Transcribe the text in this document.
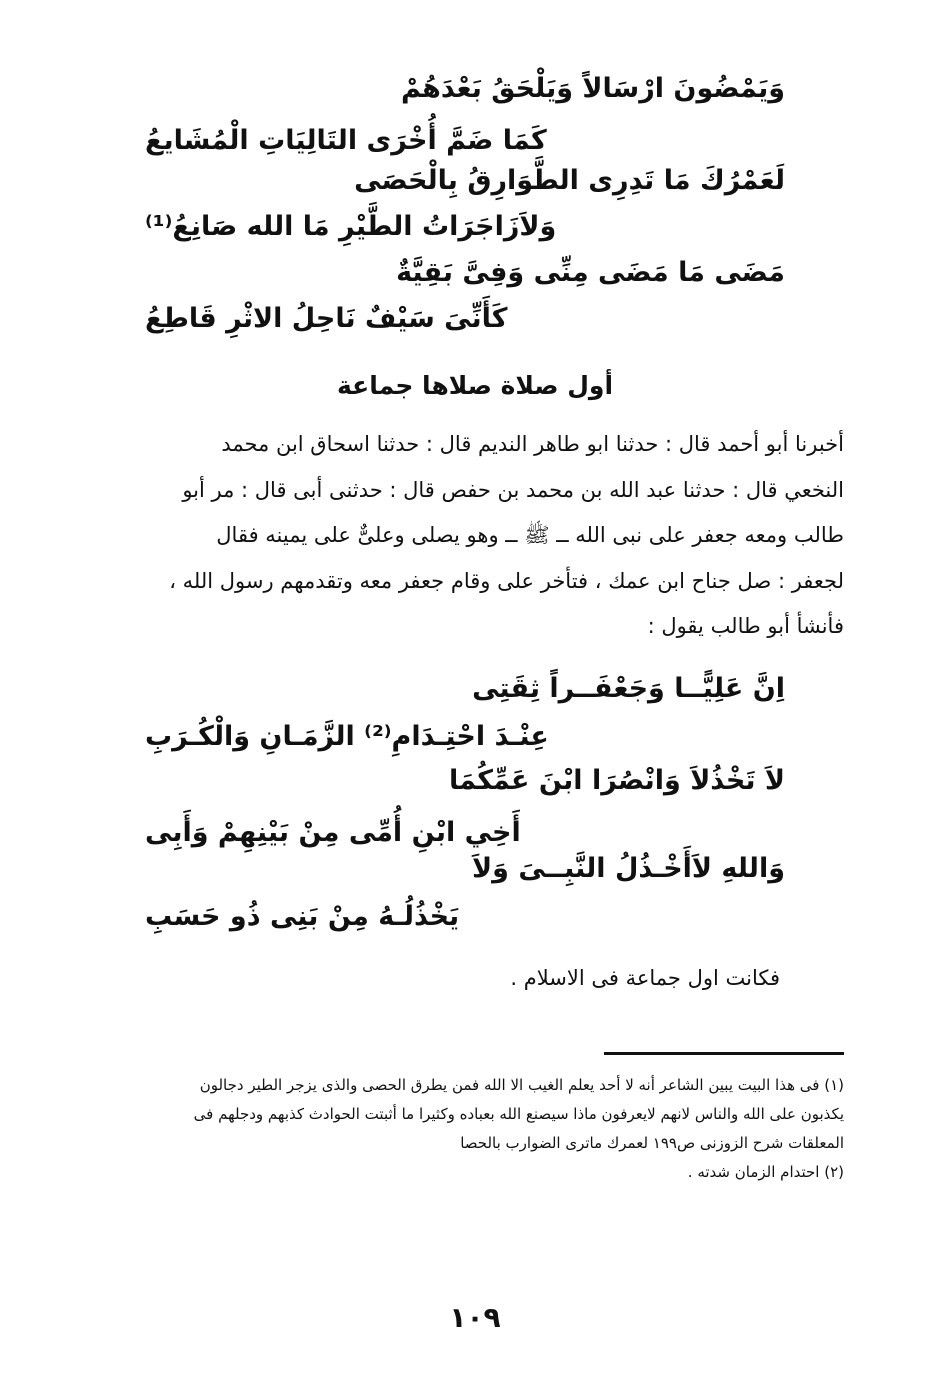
وَيَمْضُونَ ارْسَالاً وَيَلْحَقُ بَعْدَهُمْ
كَمَا ضَمَّ أُخْرَى التَالِيَاتِ الْمُشَايعُ
لَعَمْرُكَ مَا تَدِرِى الطَّوَارِقُ بِالْحَصَى
وَلاَزَاجَرَاتُ الطَّيْرِ مَا الله صَانِعُ⁽¹⁾
مَضَى مَا مَضَى مِنِّى وَفِىَّ بَقِيَّةٌ
كَأَنِّىَ سَيْفٌ نَاحِلُ الاثْرِ قَاطِعُ
أول صلاة صلاها جماعة
أخبرنا أبو أحمد قال : حدثنا ابو طاهر النديم قال : حدثنا اسحاق ابن محمد
النخعي قال : حدثنا عبد الله بن محمد بن حفص قال : حدثنى أبى قال : مر أبو
طالب ومعه جعفر على نبى الله ــ ﷺ ــ وهو يصلى وعلىٌّ على يمينه فقال
لجعفر : صل جناح ابن عمك ، فتأخر على وقام جعفر معه وتقدمهم رسول الله ،
فأنشأ أبو طالب يقول :
اِنَّ عَلِيًّــا وَجَعْفَــراً ثِقَتِى
عِنْـدَ احْتِـدَامِ⁽²⁾ الزَّمَـانِ وَالْكُـرَبِ
لاَ تَخْذُلاَ وَانْصُرَا ابْنَ عَمِّكُمَا
أَخِي ابْنِ أُمِّى مِنْ بَيْنِهِمْ وَأَبِى
وَاللهِ لاَأَخْـذُلُ النَّبِــىَ وَلاَ
يَخْذُلُـهُ مِنْ بَنِى ذُو حَسَبِ
فكانت اول جماعة فى الاسلام .
(١) فى هذا البيت يبين الشاعر أنه لا أحد يعلم الغيب الا الله فمن يطرق الحصى والذى يزجر الطير دجالون
يكذبون على الله والناس لانهم لايعرفون ماذا سيصنع الله بعباده وكثيرا ما أثبتت الحوادث كذبهم ودجلهم فى
المعلقات شرح الزوزنى ص١٩٩ لعمرك ماترى الضوارب بالحصا
(٢) احتدام الزمان شدته .
١٠٩
